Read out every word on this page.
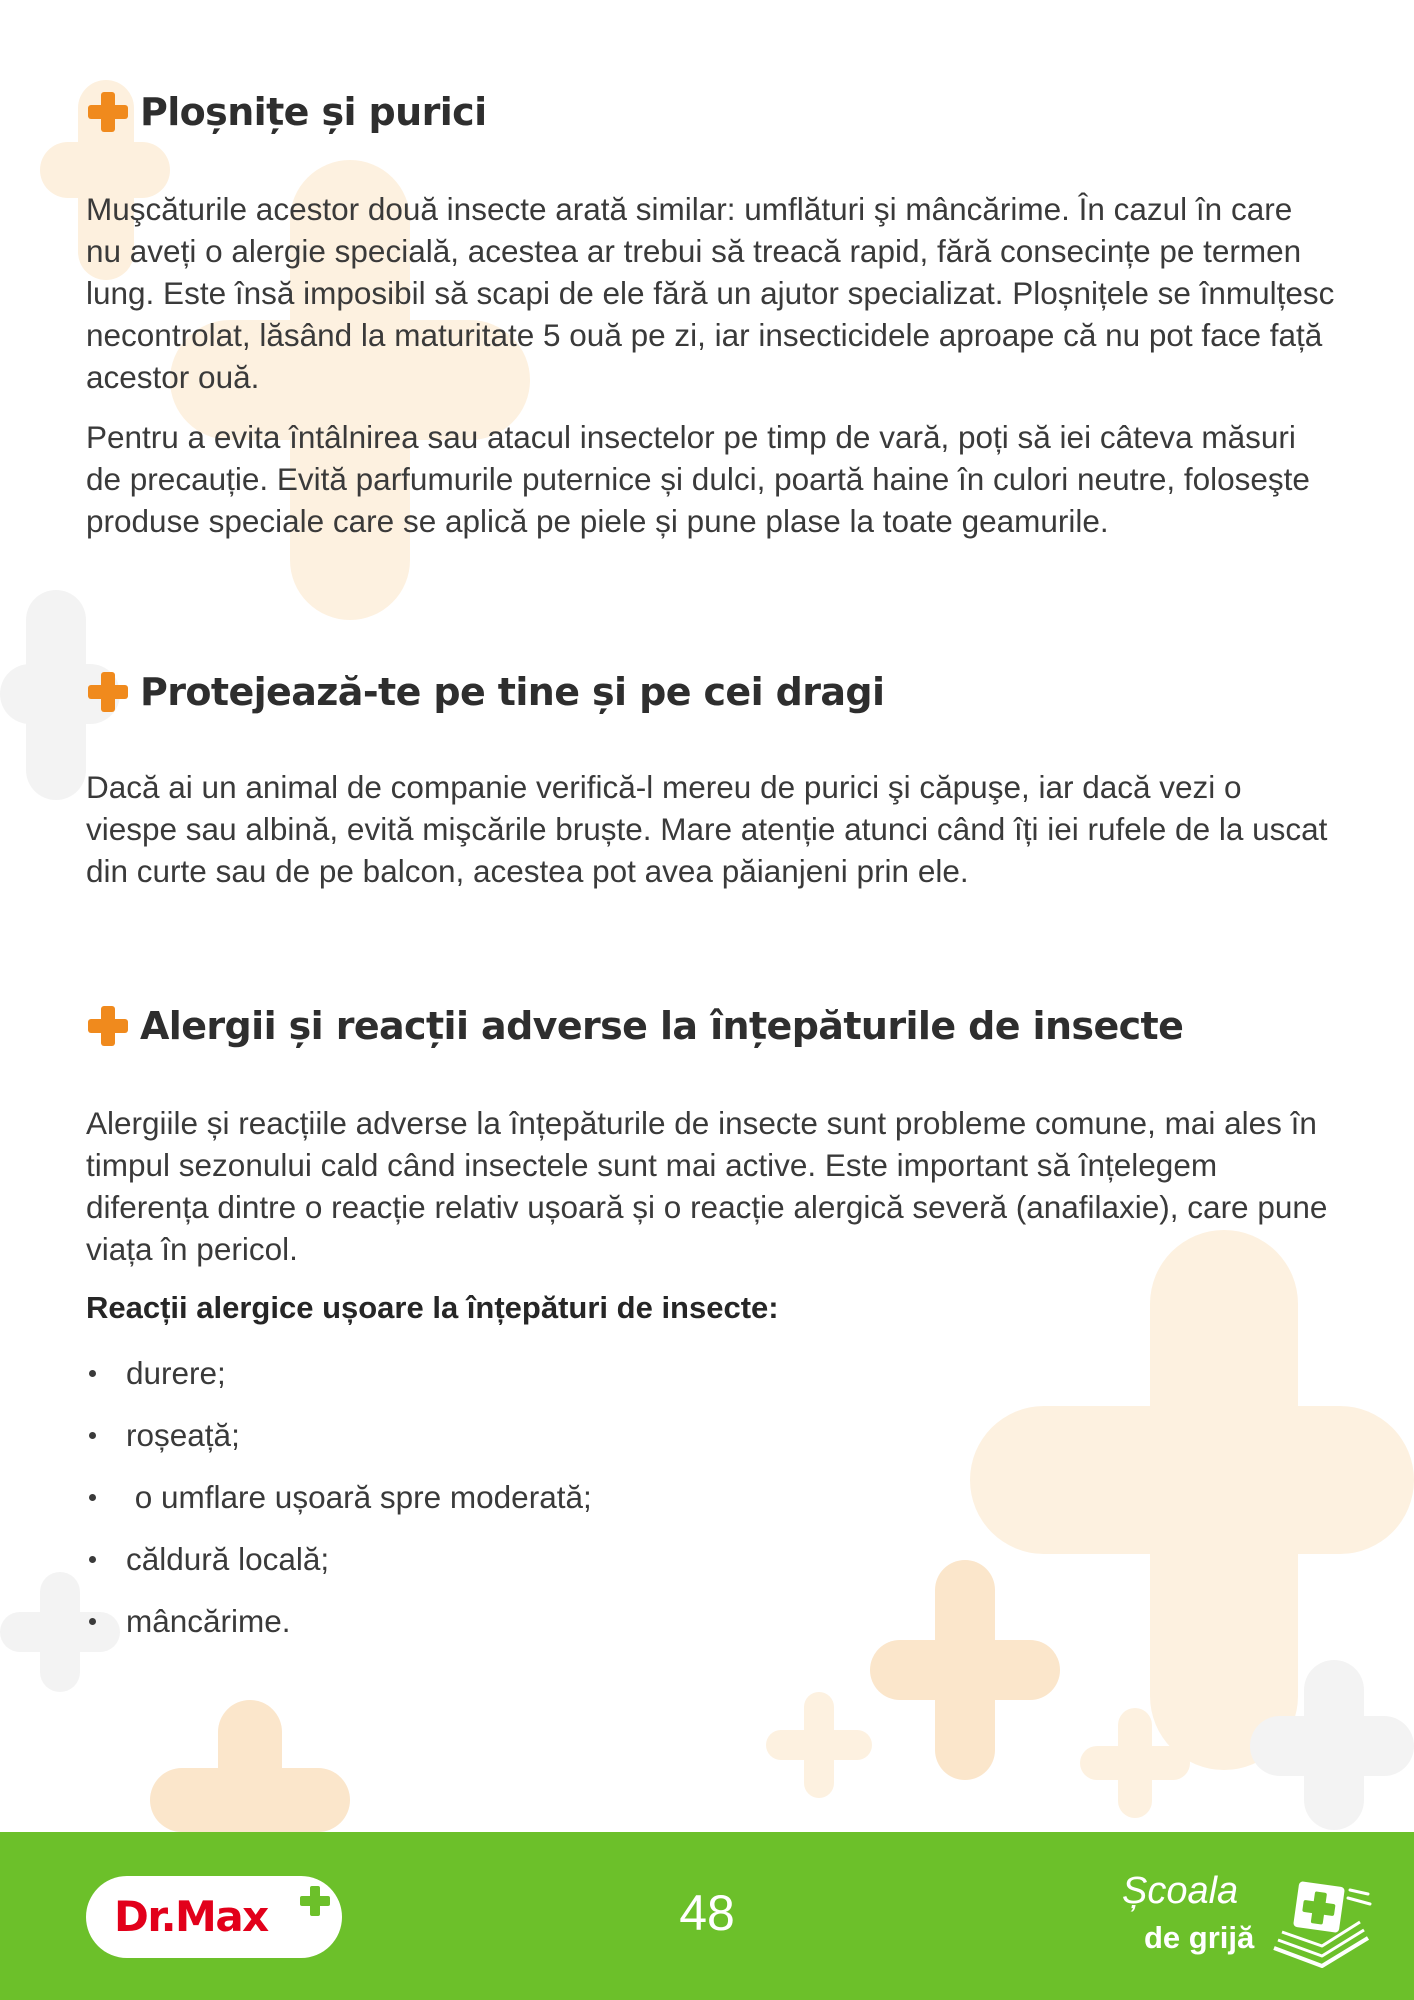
Ploșnițe și purici

Muşcăturile acestor două insecte arată similar: umflături şi mâncărime. În cazul în care nu aveți o alergie specială, acestea ar trebui să treacă rapid, fără consecințe pe termen lung. Este însă imposibil să scapi de ele fără un ajutor specializat. Ploșnițele se înmulțesc necontrolat, lăsând la maturitate 5 ouă pe zi, iar insecticidele aproape că nu pot face față acestor ouă.

Pentru a evita întâlnirea sau atacul insectelor pe timp de vară, poți să iei câteva măsuri de precauție. Evită parfumurile puternice și dulci, poartă haine în culori neutre, foloseşte produse speciale care se aplică pe piele și pune plase la toate geamurile.

Protejează-te pe tine și pe cei dragi

Dacă ai un animal de companie verifică-l mereu de purici şi căpuşe, iar dacă vezi o viespe sau albină, evită mişcările bruște. Mare atenție atunci când îți iei rufele de la uscat din curte sau de pe balcon, acestea pot avea păianjeni prin ele.

Alergii și reacții adverse la înțepăturile de insecte

Alergiile și reacțiile adverse la înțepăturile de insecte sunt probleme comune, mai ales în timpul sezonului cald când insectele sunt mai active. Este important să înțelegem diferența dintre o reacție relativ ușoară și o reacție alergică severă (anafilaxie), care pune viața în pericol.

Reacții alergice ușoare la înțepături de insecte:

durere;
roșeață;
o umflare ușoară spre moderată;
căldură locală;
mâncărime.
Dr.Max	48	Școala
de grijă
